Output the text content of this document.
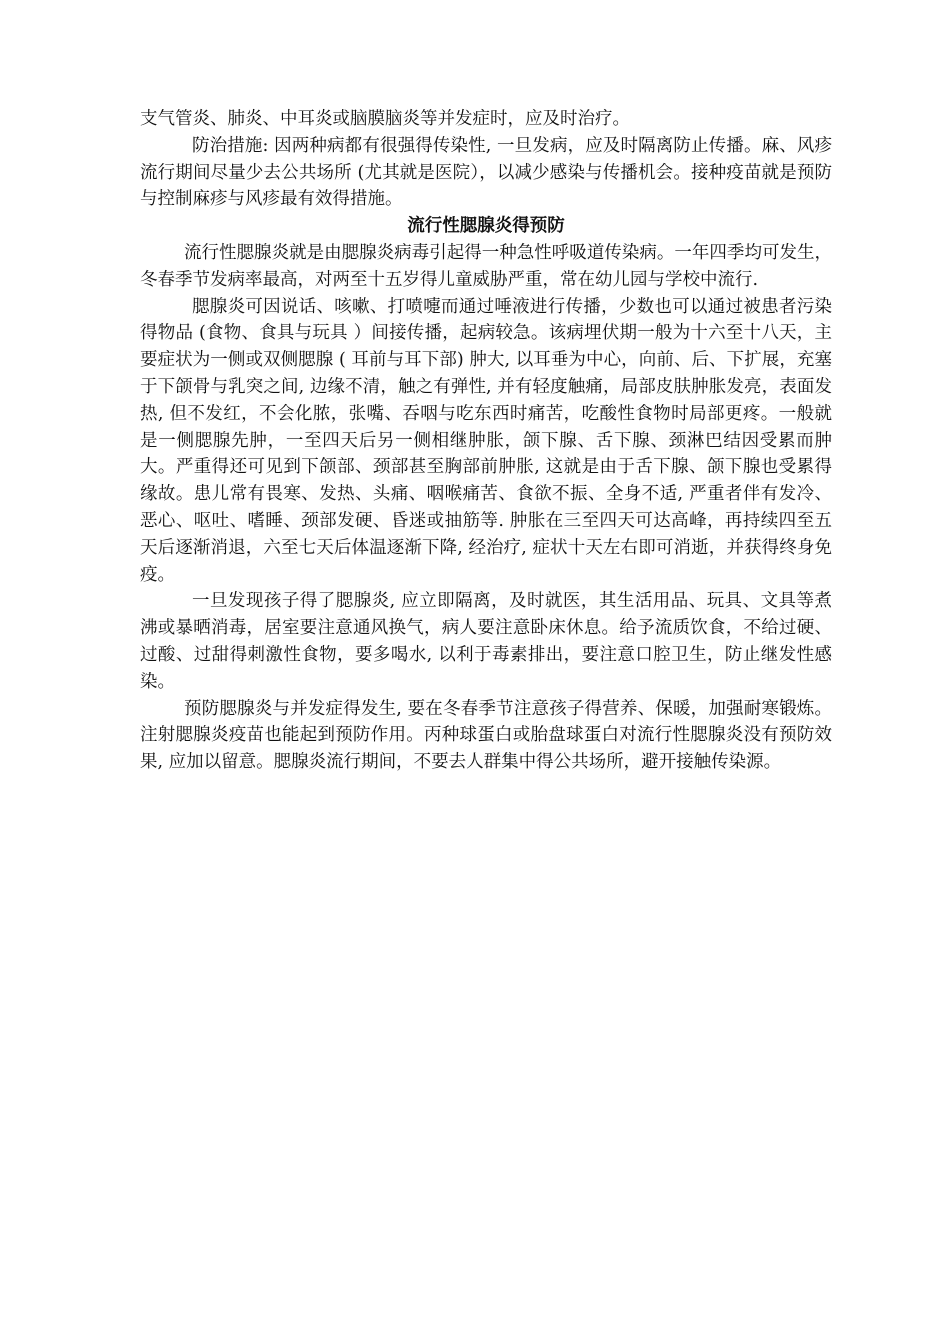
支气管炎、肺炎、中耳炎或脑膜脑炎等并发症时，应及时治疗。

防治措施: 因两种病都有很强得传染性, 一旦发病，应及时隔离防止传播。麻、风疹流行期间尽量少去公共场所 (尤其就是医院），以减少感染与传播机会。接种疫苗就是预防与控制麻疹与风疹最有效得措施。

流行性腮腺炎得预防

流行性腮腺炎就是由腮腺炎病毒引起得一种急性呼吸道传染病。一年四季均可发生，冬春季节发病率最高，对两至十五岁得儿童威胁严重，常在幼儿园与学校中流行.

腮腺炎可因说话、咳嗽、打喷嚏而通过唾液进行传播，少数也可以通过被患者污染得物品 (食物、食具与玩具 ）间接传播，起病较急。该病埋伏期一般为十六至十八天，主要症状为一侧或双侧腮腺 ( 耳前与耳下部) 肿大, 以耳垂为中心，向前、后、下扩展，充塞于下颌骨与乳突之间, 边缘不清，触之有弹性, 并有轻度触痛，局部皮肤肿胀发亮，表面发热, 但不发红，不会化脓，张嘴、吞咽与吃东西时痛苦，吃酸性食物时局部更疼。一般就是一侧腮腺先肿，一至四天后另一侧相继肿胀，颌下腺、舌下腺、颈淋巴结因受累而肿大。严重得还可见到下颌部、颈部甚至胸部前肿胀, 这就是由于舌下腺、颌下腺也受累得缘故。患儿常有畏寒、发热、头痛、咽喉痛苦、食欲不振、全身不适, 严重者伴有发冷、恶心、呕吐、嗜睡、颈部发硬、昏迷或抽筋等. 肿胀在三至四天可达高峰，再持续四至五天后逐渐消退，六至七天后体温逐渐下降, 经治疗, 症状十天左右即可消逝，并获得终身免疫。

一旦发现孩子得了腮腺炎, 应立即隔离，及时就医，其生活用品、玩具、文具等煮沸或暴晒消毒，居室要注意通风换气，病人要注意卧床休息。给予流质饮食，不给过硬、 过酸、过甜得刺激性食物，要多喝水, 以利于毒素排出，要注意口腔卫生，防止继发性感染。

预防腮腺炎与并发症得发生, 要在冬春季节注意孩子得营养、保暖，加强耐寒锻炼。注射腮腺炎疫苗也能起到预防作用。丙种球蛋白或胎盘球蛋白对流行性腮腺炎没有预防效果, 应加以留意。腮腺炎流行期间，不要去人群集中得公共场所，避开接触传染源。
